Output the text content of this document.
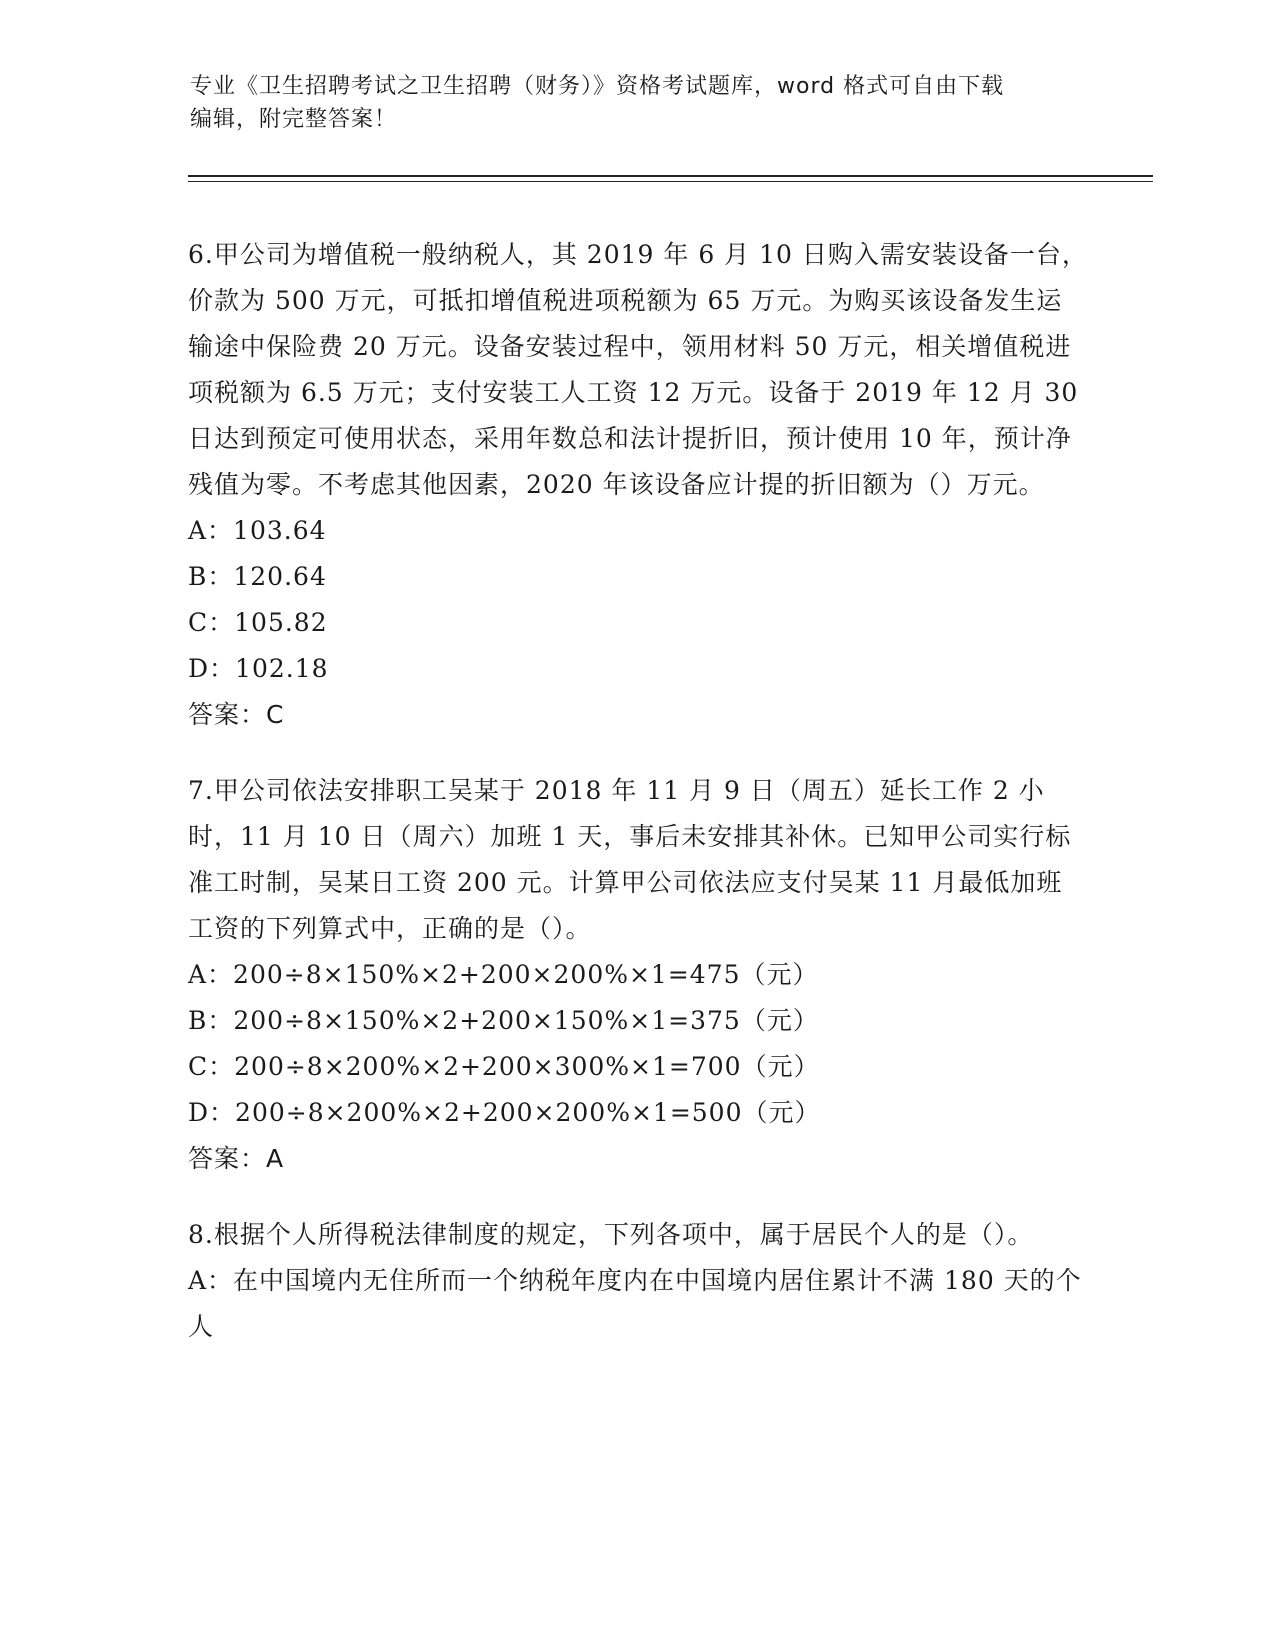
专业《卫生招聘考试之卫生招聘（财务）》资格考试题库，word 格式可自由下载

编辑，附完整答案！

6.甲公司为增值税一般纳税人，其 2019 年 6 月 10 日购入需安装设备一台，价款为 500 万元，可抵扣增值税进项税额为 65 万元。为购买该设备发生运输途中保险费 20 万元。设备安装过程中，领用材料 50 万元，相关增值税进项税额为 6.5 万元；支付安装工人工资 12 万元。设备于 2019 年 12 月 30 日达到预定可使用状态，采用年数总和法计提折旧，预计使用 10 年，预计净残值为零。不考虑其他因素，2020 年该设备应计提的折旧额为（）万元。

A：103.64
B：120.64
C：105.82
D：102.18

答案：C

7.甲公司依法安排职工吴某于 2018 年 11 月 9 日（周五）延长工作 2 小时，11 月 10 日（周六）加班 1 天，事后未安排其补休。已知甲公司实行标准工时制，吴某日工资 200 元。计算甲公司依法应支付吴某 11 月最低加班工资的下列算式中，正确的是（）。

A：200÷8×150%×2+200×200%×1=475（元）
B：200÷8×150%×2+200×150%×1=375（元）
C：200÷8×200%×2+200×300%×1=700（元）
D：200÷8×200%×2+200×200%×1=500（元）

答案：A

8.根据个人所得税法律制度的规定，下列各项中，属于居民个人的是（）。

A：在中国境内无住所而一个纳税年度内在中国境内居住累计不满 180 天的个人
